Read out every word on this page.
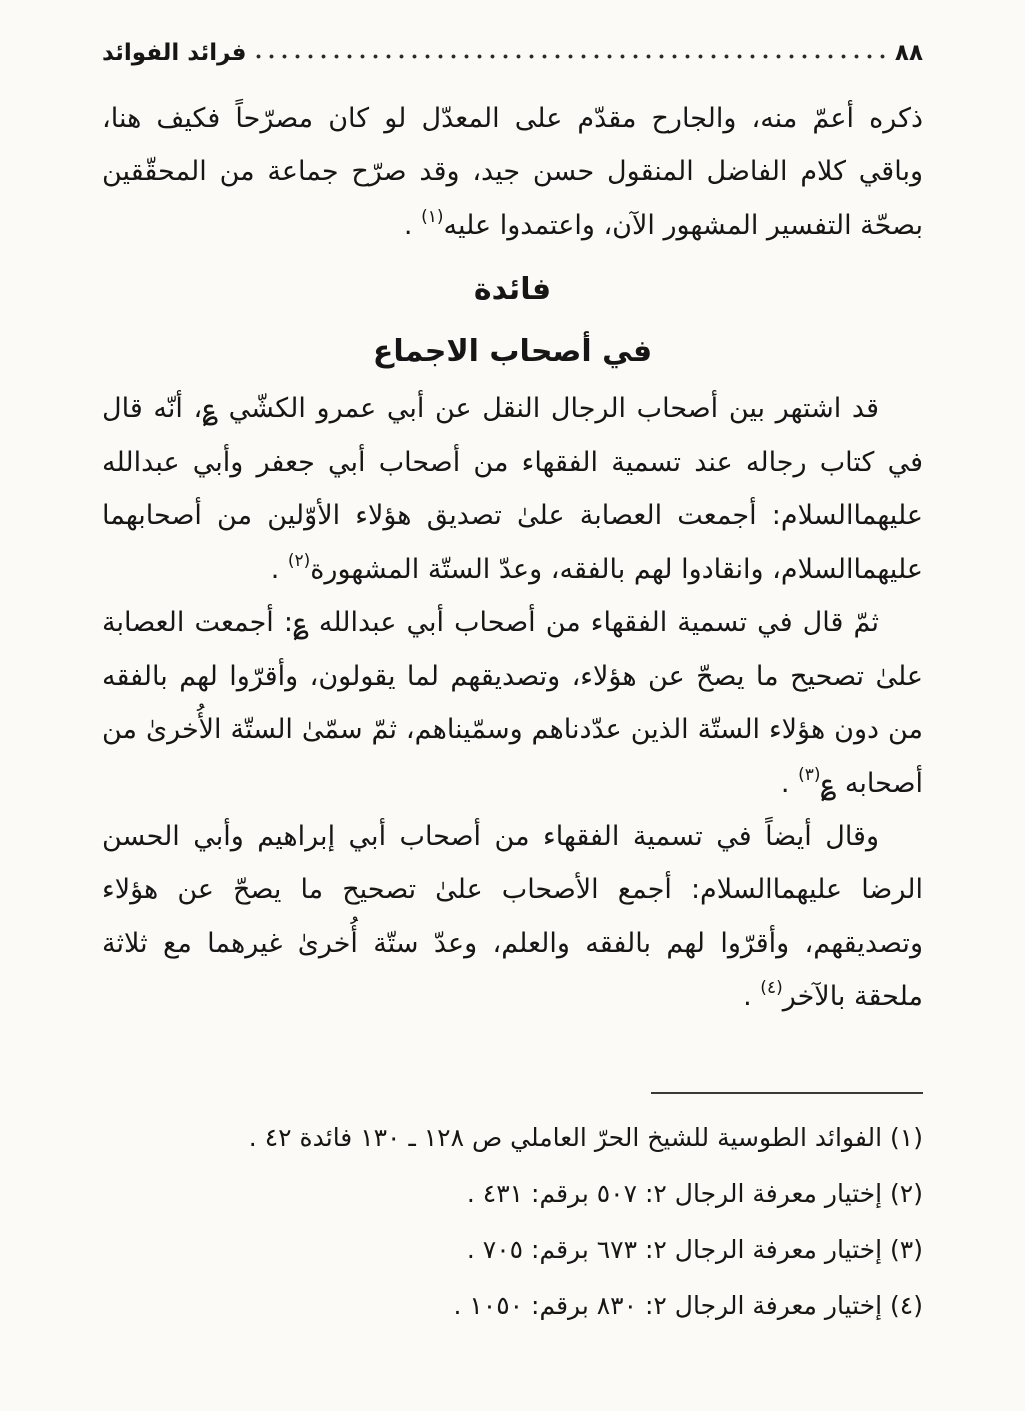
٨٨
فرائد الفوائد

ذكره أعمّ منه، والجارح مقدّم على المعدّل لو كان مصرّحاً فكيف هنا، وباقي كلام الفاضل المنقول حسن جيد، وقد صرّح جماعة من المحقّقين بصحّة التفسير المشهور الآن، واعتمدوا عليه$^{(١)}$ .

فائدة
في أصحاب الاجماع

قد اشتهر بين أصحاب الرجال النقل عن أبي عمرو الكشّي ؏، أنّه قال في كتاب رجاله عند تسمية الفقهاء من أصحاب أبي جعفر وأبي عبدالله عليهماالسلام: أجمعت العصابة علىٰ تصديق هؤلاء الأوّلين من أصحابهما عليهماالسلام، وانقادوا لهم بالفقه، وعدّ الستّة المشهورة$^{(٢)}$ .

ثمّ قال في تسمية الفقهاء من أصحاب أبي عبدالله ؏: أجمعت العصابة علىٰ تصحيح ما يصحّ عن هؤلاء، وتصديقهم لما يقولون، وأقرّوا لهم بالفقه من دون هؤلاء الستّة الذين عدّدناهم وسمّيناهم، ثمّ سمّىٰ الستّة الأُخرىٰ من أصحابه ؏$^{(٣)}$ .

وقال أيضاً في تسمية الفقهاء من أصحاب أبي إبراهيم وأبي الحسن الرضا عليهماالسلام: أجمع الأصحاب علىٰ تصحيح ما يصحّ عن هؤلاء وتصديقهم، وأقرّوا لهم بالفقه والعلم، وعدّ ستّة أُخرىٰ غيرهما مع ثلاثة ملحقة بالآخر$^{(٤)}$ .

(١) الفوائد الطوسية للشيخ الحرّ العاملي ص ١٢٨ ـ ١٣٠ فائدة ٤٢ .
(٢) إختيار معرفة الرجال ٢: ٥٠٧ برقم: ٤٣١ .
(٣) إختيار معرفة الرجال ٢: ٦٧٣ برقم: ٧٠٥ .
(٤) إختيار معرفة الرجال ٢: ٨٣٠ برقم: ١٠٥٠ .
